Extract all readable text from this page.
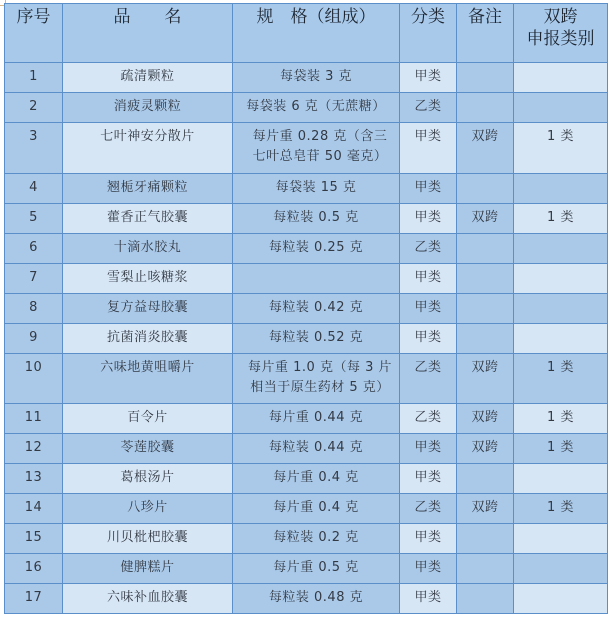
序号	品　　名	规　格（组成）	分类	备注	双跨
申报类别

1	疏清颗粒	每袋装 3 克	甲类		
2	消疲灵颗粒	每袋装 6 克（无蔗糖）	乙类		
3	七叶神安分散片	每片重 0.28 克（含三
七叶总皂苷 50 毫克）	甲类	双跨	1 类
4	翘栀牙痛颗粒	每袋装 15 克	甲类		
5	藿香正气胶囊	每粒装 0.5 克	甲类	双跨	1 类
6	十滴水胶丸	每粒装 0.25 克	乙类		
7	雪梨止咳糖浆		甲类		
8	复方益母胶囊	每粒装 0.42 克	甲类		
9	抗菌消炎胶囊	每粒装 0.52 克	甲类		
10	六味地黄咀嚼片	每片重 1.0 克（每 3 片
相当于原生药材 5 克）	乙类	双跨	1 类
11	百令片	每片重 0.44 克	乙类	双跨	1 类
12	苓莲胶囊	每粒装 0.44 克	甲类	双跨	1 类
13	葛根汤片	每片重 0.4 克	甲类		
14	八珍片	每片重 0.4 克	乙类	双跨	1 类
15	川贝枇杷胶囊	每粒装 0.2 克	甲类		
16	健脾糕片	每片重 0.5 克	甲类		
17	六味补血胶囊	每粒装 0.48 克	甲类		
